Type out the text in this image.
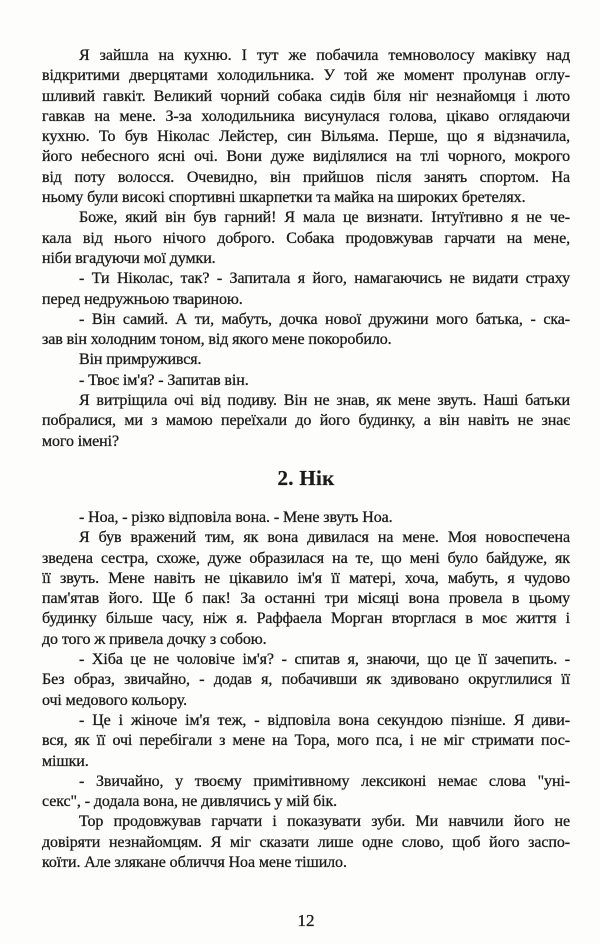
Я зайшла на кухню. І тут же побачила темноволосу маківку над
відкритими дверцятами холодильника. У той же момент пролунав оглу-
шливий гавкіт. Великий чорний собака сидів біля ніг незнайомця і люто
гавкав на мене. З-за холодильника висунулася голова, цікаво оглядаючи
кухню. То був Ніколас Лейстер, син Вільяма. Перше, що я відзначила,
його небесного ясні очі. Вони дуже виділялися на тлі чорного, мокрого
від поту волосся. Очевидно, він прийшов після занять спортом. На
ньому були високі спортивні шкарпетки та майка на широких бретелях.
Боже, який він був гарний! Я мала це визнати. Інтуїтивно я не че-
кала від нього нічого доброго. Собака продовжував гарчати на мене,
ніби вгадуючи мої думки.
- Ти Ніколас, так? - Запитала я його, намагаючись не видати страху
перед недружньою твариною.
- Він самий. А ти, мабуть, дочка нової дружини мого батька, - ска-
зав він холодним тоном, від якого мене покоробило.
Він примружився.
- Твоє ім'я? - Запитав він.
Я витріщила очі від подиву. Він не знав, як мене звуть. Наші батьки
побралися, ми з мамою переїхали до його будинку, а він навіть не знає
мого імені?
2. Нік
- Ноа, - різко відповіла вона. - Мене звуть Ноа.
Я був вражений тим, як вона дивилася на мене. Моя новоспечена
зведена сестра, схоже, дуже образилася на те, що мені було байдуже, як
її звуть. Мене навіть не цікавило ім'я її матері, хоча, мабуть, я чудово
пам'ятав його. Ще б пак! За останні три місяці вона провела в цьому
будинку більше часу, ніж я. Раффаела Морган вторглася в моє життя і
до того ж привела дочку з собою.
- Хіба це не чоловіче ім'я? - спитав я, знаючи, що це її зачепить. -
Без образ, звичайно, - додав я, побачивши як здивовано округлилися її
очі медового кольору.
- Це і жіноче ім'я теж, - відповіла вона секундою пізніше. Я диви-
вся, як її очі перебігали з мене на Тора, мого пса, і не міг стримати пос-
мішки.
- Звичайно, у твоєму примітивному лексиконі немає слова "уні-
секс", - додала вона, не дивлячись у мій бік.
Тор продовжував гарчати і показувати зуби. Ми навчили його не
довіряти незнайомцям. Я міг сказати лише одне слово, щоб його заспо-
коїти. Але злякане обличчя Ноа мене тішило.
12
